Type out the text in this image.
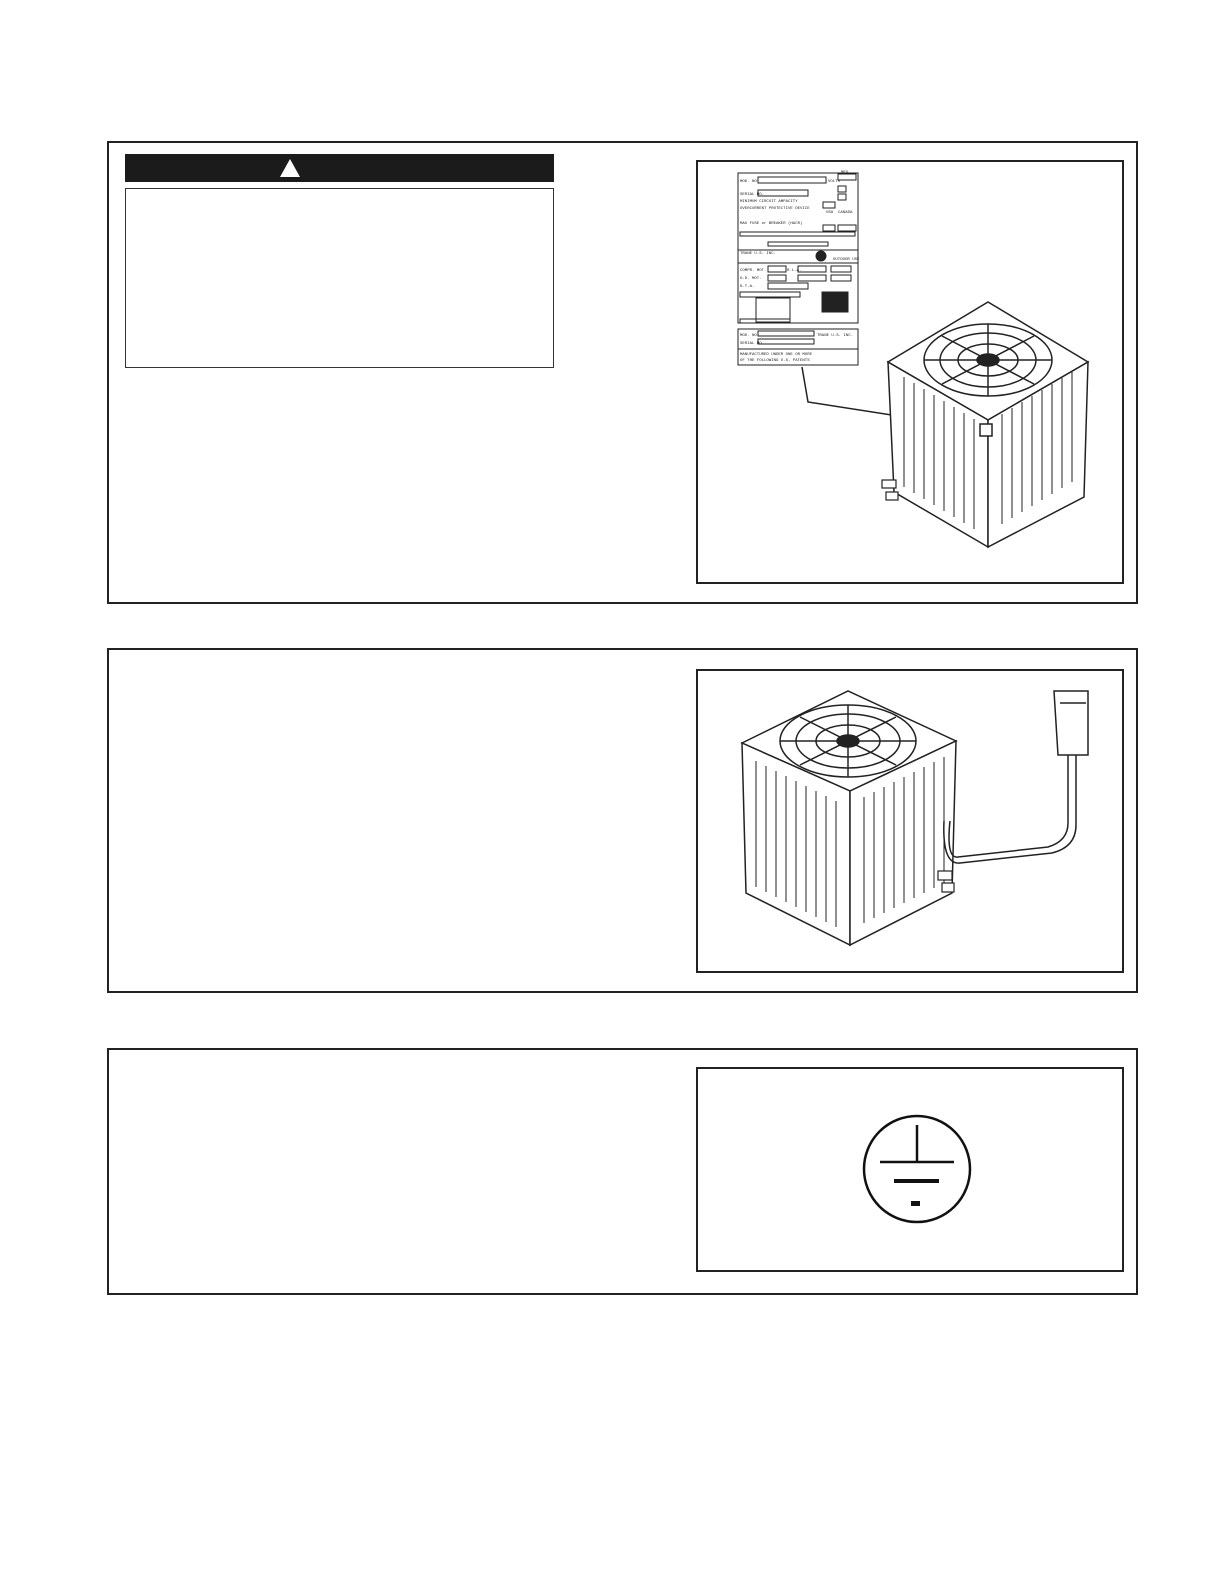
MFG.
MOD. NO.	VOLTS
SERIAL NO.
MINIMUM CIRCUIT AMPACITY
OVERCURRENT PROTECTIVE DEVICE
USA CANADA
MAX FUSE or BREAKER (HACR)
TRANE U.S. INC.
OUTDOOR USE
COMPR. MOT.	R.L.A.
O.D. MOT.
K.T.A.
MOD. NO.
SERIAL NO.
TRANE U.S. INC.
MANUFACTURED UNDER ONE OR MORE
OF THE FOLLOWING U.S. PATENTS
